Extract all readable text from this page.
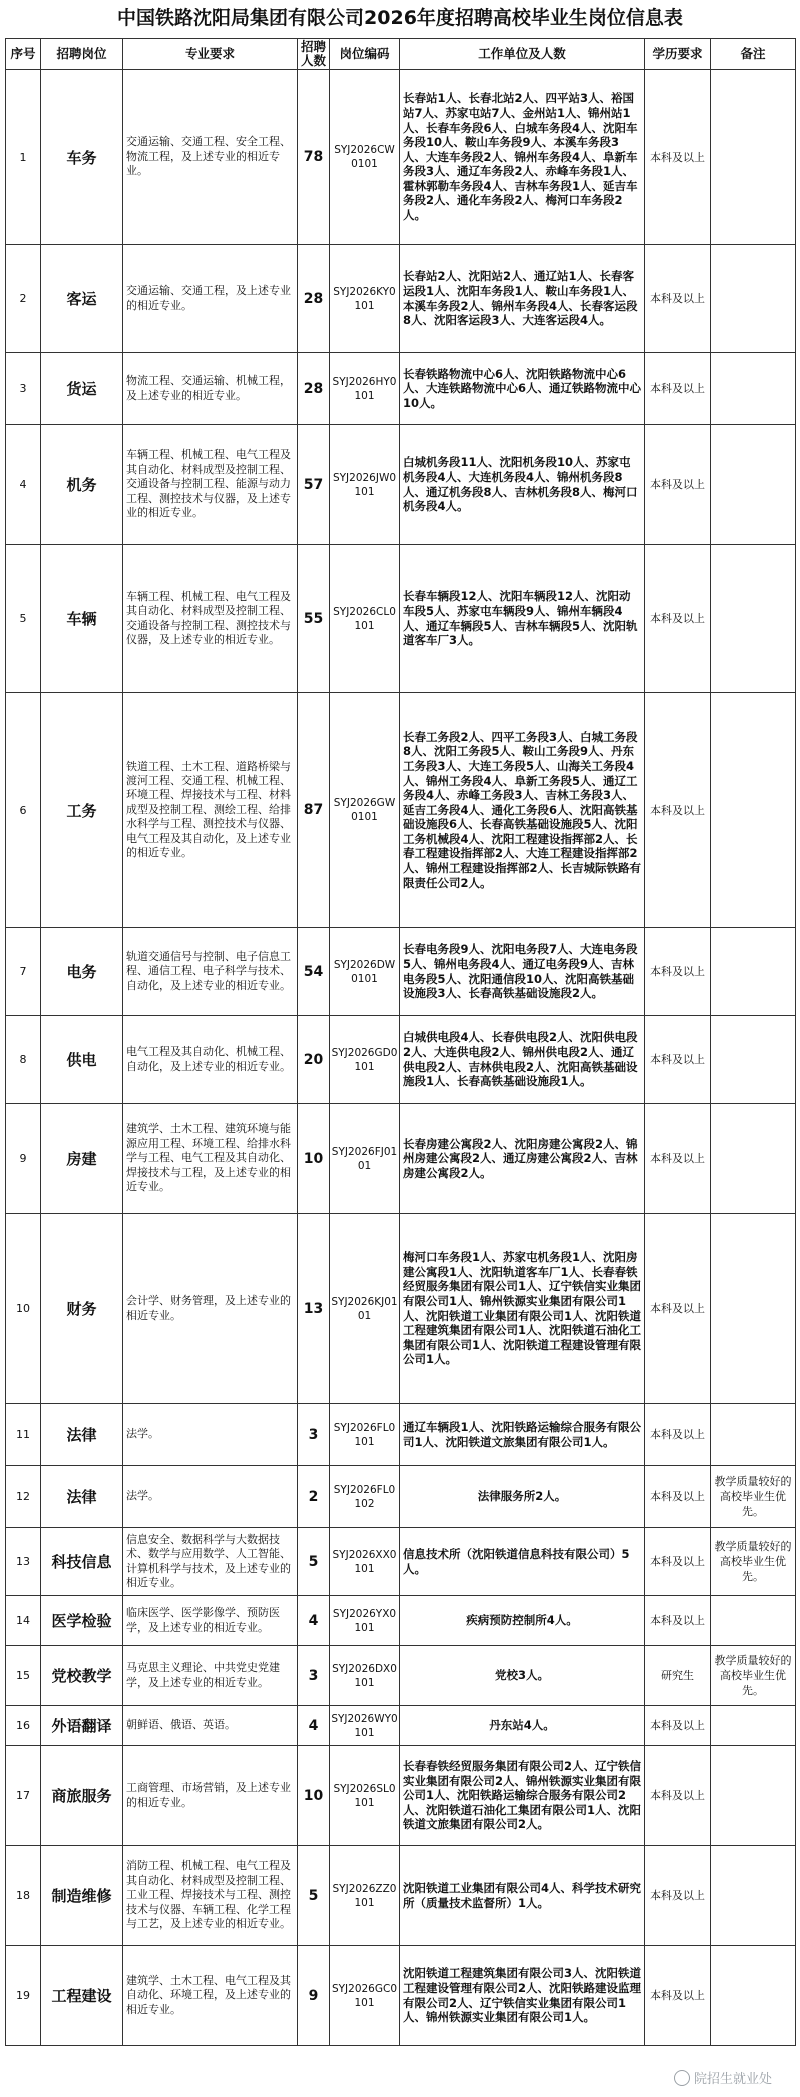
中国铁路沈阳局集团有限公司2026年度招聘高校毕业生岗位信息表
序号	招聘岗位	专业要求	招聘人数	岗位编码	工作单位及人数	学历要求	备注
1	车务	交通运输、交通工程、安全工程、物流工程，及上述专业的相近专业。	78	SYJ2026CW0101	长春站1人、长春北站2人、四平站3人、裕国站7人、苏家屯站7人、金州站1人、锦州站1人、长春车务段6人、白城车务段4人、沈阳车务段10人、鞍山车务段9人、本溪车务段3人、大连车务段2人、锦州车务段4人、阜新车务段3人、通辽车务段2人、赤峰车务段1人、霍林郭勒车务段4人、吉林车务段1人、延吉车务段2人、通化车务段2人、梅河口车务段2人。	本科及以上	
2	客运	交通运输、交通工程，及上述专业的相近专业。	28	SYJ2026KY0101	长春站2人、沈阳站2人、通辽站1人、长春客运段1人、沈阳车务段1人、鞍山车务段1人、本溪车务段2人、锦州车务段4人、长春客运段8人、沈阳客运段3人、大连客运段4人。	本科及以上	
3	货运	物流工程、交通运输、机械工程，及上述专业的相近专业。	28	SYJ2026HY0101	长春铁路物流中心6人、沈阳铁路物流中心6人、大连铁路物流中心6人、通辽铁路物流中心10人。	本科及以上	
4	机务	车辆工程、机械工程、电气工程及其自动化、材料成型及控制工程、交通设备与控制工程、能源与动力工程、测控技术与仪器，及上述专业的相近专业。	57	SYJ2026JW0101	白城机务段11人、沈阳机务段10人、苏家屯机务段4人、大连机务段4人、锦州机务段8人、通辽机务段8人、吉林机务段8人、梅河口机务段4人。	本科及以上	
5	车辆	车辆工程、机械工程、电气工程及其自动化、材料成型及控制工程、交通设备与控制工程、测控技术与仪器，及上述专业的相近专业。	55	SYJ2026CL0101	长春车辆段12人、沈阳车辆段12人、沈阳动车段5人、苏家屯车辆段9人、锦州车辆段4人、通辽车辆段5人、吉林车辆段5人、沈阳轨道客车厂3人。	本科及以上	
6	工务	铁道工程、土木工程、道路桥梁与渡河工程、交通工程、机械工程、环境工程、焊接技术与工程、材料成型及控制工程、测绘工程、给排水科学与工程、测控技术与仪器、电气工程及其自动化，及上述专业的相近专业。	87	SYJ2026GW0101	长春工务段2人、四平工务段3人、白城工务段8人、沈阳工务段5人、鞍山工务段9人、丹东工务段3人、大连工务段5人、山海关工务段4人、锦州工务段4人、阜新工务段5人、通辽工务段4人、赤峰工务段3人、吉林工务段3人、延吉工务段4人、通化工务段6人、沈阳高铁基础设施段6人、长春高铁基础设施段5人、沈阳工务机械段4人、沈阳工程建设指挥部2人、长春工程建设指挥部2人、大连工程建设指挥部2人、锦州工程建设指挥部2人、长吉城际铁路有限责任公司2人。	本科及以上	
7	电务	轨道交通信号与控制、电子信息工程、通信工程、电子科学与技术、自动化，及上述专业的相近专业。	54	SYJ2026DW0101	长春电务段9人、沈阳电务段7人、大连电务段5人、锦州电务段4人、通辽电务段9人、吉林电务段5人、沈阳通信段10人、沈阳高铁基础设施段3人、长春高铁基础设施段2人。	本科及以上	
8	供电	电气工程及其自动化、机械工程、自动化，及上述专业的相近专业。	20	SYJ2026GD0101	白城供电段4人、长春供电段2人、沈阳供电段2人、大连供电段2人、锦州供电段2人、通辽供电段2人、吉林供电段2人、沈阳高铁基础设施段1人、长春高铁基础设施段1人。	本科及以上	
9	房建	建筑学、土木工程、建筑环境与能源应用工程、环境工程、给排水科学与工程、电气工程及其自动化、焊接技术与工程，及上述专业的相近专业。	10	SYJ2026FJ0101	长春房建公寓段2人、沈阳房建公寓段2人、锦州房建公寓段2人、通辽房建公寓段2人、吉林房建公寓段2人。	本科及以上	
10	财务	会计学、财务管理，及上述专业的相近专业。	13	SYJ2026KJ0101	梅河口车务段1人、苏家屯机务段1人、沈阳房建公寓段1人、沈阳轨道客车厂1人、长春春铁经贸服务集团有限公司1人、辽宁铁信实业集团有限公司1人、锦州铁源实业集团有限公司1人、沈阳铁道工业集团有限公司1人、沈阳铁道工程建筑集团有限公司1人、沈阳铁道石油化工集团有限公司1人、沈阳铁道工程建设管理有限公司1人。	本科及以上	
11	法律	法学。	3	SYJ2026FL0101	通辽车辆段1人、沈阳铁路运输综合服务有限公司1人、沈阳铁道文旅集团有限公司1人。	本科及以上	
12	法律	法学。	2	SYJ2026FL0102	法律服务所2人。	本科及以上	教学质量较好的高校毕业生优先。
13	科技信息	信息安全、数据科学与大数据技术、数学与应用数学、人工智能、计算机科学与技术，及上述专业的相近专业。	5	SYJ2026XX0101	信息技术所（沈阳铁道信息科技有限公司）5人。	本科及以上	教学质量较好的高校毕业生优先。
14	医学检验	临床医学、医学影像学、预防医学，及上述专业的相近专业。	4	SYJ2026YX0101	疾病预防控制所4人。	本科及以上	
15	党校教学	马克思主义理论、中共党史党建学，及上述专业的相近专业。	3	SYJ2026DX0101	党校3人。	研究生	教学质量较好的高校毕业生优先。
16	外语翻译	朝鲜语、俄语、英语。	4	SYJ2026WY0101	丹东站4人。	本科及以上	
17	商旅服务	工商管理、市场营销，及上述专业的相近专业。	10	SYJ2026SL0101	长春春铁经贸服务集团有限公司2人、辽宁铁信实业集团有限公司2人、锦州铁源实业集团有限公司1人、沈阳铁路运输综合服务有限公司2人、沈阳铁道石油化工集团有限公司1人、沈阳铁道文旅集团有限公司2人。	本科及以上	
18	制造维修	消防工程、机械工程、电气工程及其自动化、材料成型及控制工程、工业工程、焊接技术与工程、测控技术与仪器、车辆工程、化学工程与工艺，及上述专业的相近专业。	5	SYJ2026ZZ0101	沈阳铁道工业集团有限公司4人、科学技术研究所（质量技术监督所）1人。	本科及以上	
19	工程建设	建筑学、土木工程、电气工程及其自动化、环境工程，及上述专业的相近专业。	9	SYJ2026GC0101	沈阳铁道工程建筑集团有限公司3人、沈阳铁道工程建设管理有限公司2人、沈阳铁路建设监理有限公司2人、辽宁铁信实业集团有限公司1人、锦州铁源实业集团有限公司1人。	本科及以上	
院招生就业处
